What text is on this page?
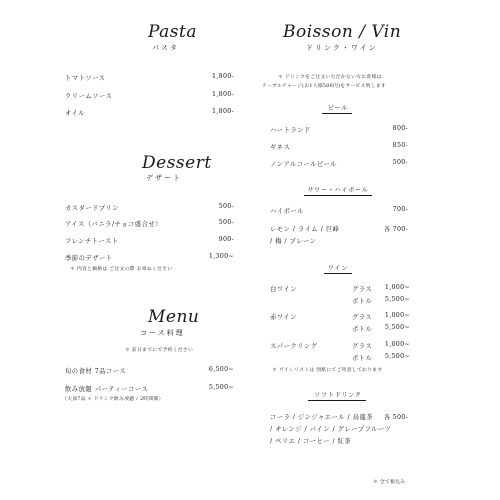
Pasta
パスタ
トマトソース	1,800-
クリームソース	1,800-
オイル	1,800-
Dessert
デザート
カスタードプリン	500-
アイス（バニラ/チョコ盛合せ）	500-
フレンチトースト	900-
季節のデザート	1,300~
＊ 内容と価格は ご注文の際 お尋ねください
Menu
コース料理
＊ 前日までにで予約ください
旬の食材 7品コース	6,500~
飲み放題 パーティーコース	5,500~
（大皿7品 + ドリンク飲み放題 / 2時間制）
Boisson / Vin
ドリンク・ワイン
＊ ドリンクをご注文いただかない方お客様は、
テーブルチャージ(お1人様500円)をサービス致します
ビール
ハートランド	800-
ギネス	850-
ノンアルコールビール	500-
サワー・ハイボール
ハイボール	700-
レモン / ライム / 巨峰	各 700-
/ 梅 / プレーン
ワイン
白ワイン	グラス	1,000~
ボトル	5,500~
赤ワイン	グラス	1,000~
ボトル	5,500~
スパークリング	グラス	1,000~
ボトル	5,500~
＊ ワインリストは 別紙にてご用意しております
ソフトドリンク
コーラ / ジンジャエール / 烏龍茶	各 500-
/ オレンジ / パイン / グレープフルーツ
/ ペリエ / コーヒー / 紅茶
＊ 全て税込み
